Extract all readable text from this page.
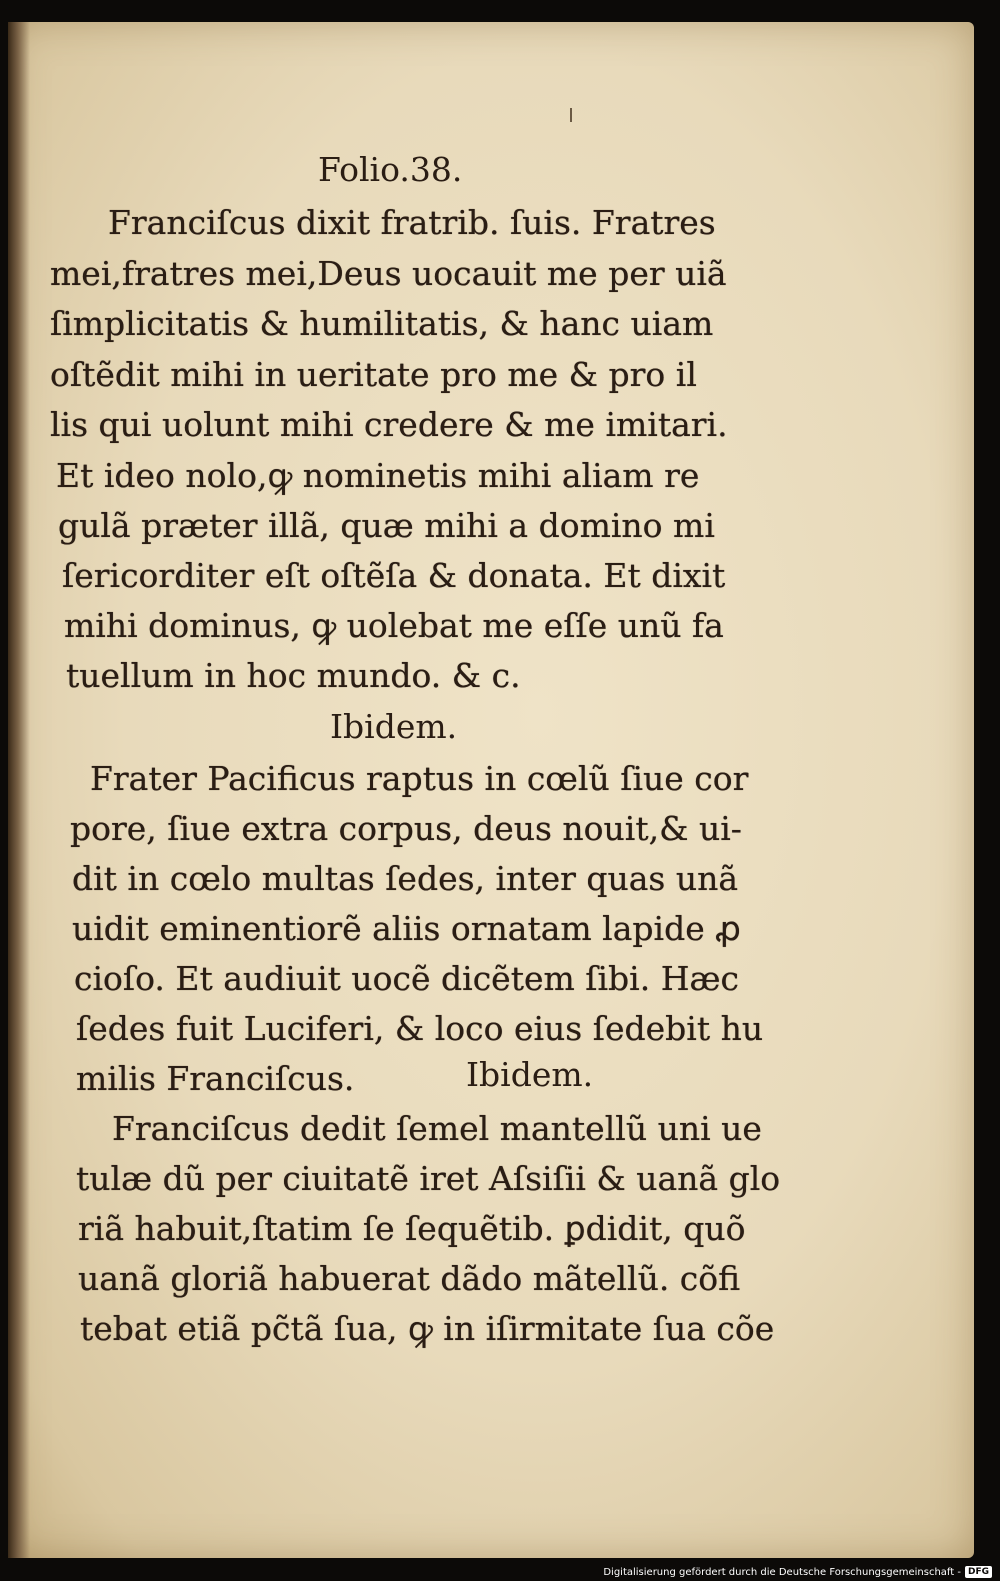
Folio.38.
Franciſcus dixit fratrib. ſuis. Fratres
mei,fratres mei,Deus uocauit me per uiã
ſimplicitatis & humilitatis, & hanc uiam
oſtẽdit mihi in ueritate pro me & pro il
lis qui uolunt mihi credere & me imitari.
Et ideo nolo,ꝙ nominetis mihi aliam re
gulã præter illã, quæ mihi a domino mi
ſericorditer eſt oſtẽſa & donata. Et dixit
mihi dominus, ꝙ uolebat me eſſe unũ fa
tuellum in hoc mundo. & c.
Ibidem.
Frater Pacificus raptus in cœlũ ſiue cor
pore, ſiue extra corpus, deus nouit,& ui-
dit in cœlo multas ſedes, inter quas unã
uidit eminentiorẽ aliis ornatam lapide ꝓ
cioſo. Et audiuit uocẽ dicẽtem ſibi. Hæc
ſedes fuit Luciferi, & loco eius ſedebit hu
milis Franciſcus.	Ibidem.
Franciſcus dedit ſemel mantellũ uni ue
tulæ dũ per ciuitatẽ iret Aſsiſii & uanã glo
riã habuit,ſtatim ſe ſequẽtib. ꝑdidit, quõ
uanã gloriã habuerat dãdo mãtellũ. cõfi
tebat etiã pc̃tã ſua, ꝙ in iſirmitate ſua cõe
Digitalisierung gefördert durch die Deutsche Forschungsgemeinschaft - DFG
